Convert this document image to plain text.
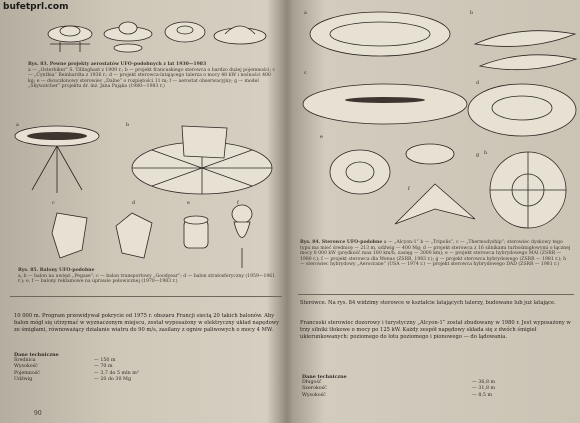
bufetprl.com
Rys. 83. Pewne projekty aerostatów UFO-podobnych z lat 1930—1983
a — „Osterbiker” S. Tillinghast z 1909 r.; b — projekt francuskiego sterowca o bardzo dużej pojemności; c — „Cynthia” Reinhardta z 1936 r.; d — projekt sterowca-latającego talerza o mocy 48 kW i nośności 400 kg; e — dwuczłonowy sterowiec „Dalne” o rozpiętości 11 m; f — aerostat obserwacyjny; g — model „Skywatcher” projektu dr. inż. Jana Pająka (1980—1983 r.)
a	b
c	d	e	f
Rys. 85. Balony UFO-podobne
a, b — balon na uwięzi „Pegase”; c — balon transportowy „Goodyear”; d — balon stratosferyczny (1959—1961 r.); e, f — balony reklamowe na uprawie połowicznej (1970—1983 r.)
10 000 m. Program przewidywał pokrycie od 1975 r. obszaru Francji siecią 20 takich balonów. Aby balon mógł się utrzymać w wyznaczonym miejscu, został wyposażony w elektryczny układ napędowy ze śmigłami, równoważący działanie wiatru do 90 m/s, zasilany z ogniw paliwowych o mocy 4 MW.
Dane techniczne
Średnica	— 150 m
Wysokość	— 70 m
Pojemność	— 3,7 do 5 mln m³
Udźwig	— 20 do 30 Mg
90
a	b
c
d
e
f
g h
Rys. 84. Sterowce UFO-podobne a — „Alcyon-1” b — „Tripolis”, c — „Thermodyship”; sterowiec dyskowy tego typu ma mieć średnicę — 213 m, udźwig — 400 Mg; d — projekt sterowca z 16 silnikami turbośmigłowymi o łącznej mocy 8 000 kW (prędkość max 180 km/h, zasięg — 3000 km); e — projekt sterowca hybrydowego MAI (ZSRR — 1980 r.); f — projekt sterowca dla Wenus (ZSRR, 1983 r.); g — projekt sterowca hybrydowego (ZSRR — 1981 r.); h — sterowiec hybrydowy „Aerocrane” (USA — 1974 r.) — projekt sterowca hybrydowego DAD (ZSRR — 1981 r.)
Sterowce. Na rys. 84 widzimy sterowce w kształcie latających talerzy, budowane lub już latające.
Francuski sterowiec dozorowy i turystyczny „Alcyon-1” został zbudowany w 1980 r. Jest wyposażony w trzy silniki tłokowe o mocy po 125 kW. Każdy zespół napędowy składa się z dwóch śmigieł ukierunkowanych: poziomego do lotu poziomego i pionowego — do lądowania.
Dane techniczne
Długość	— 36,8 m
Szerokość	— 31,8 m
Wysokość	— 8,5 m
